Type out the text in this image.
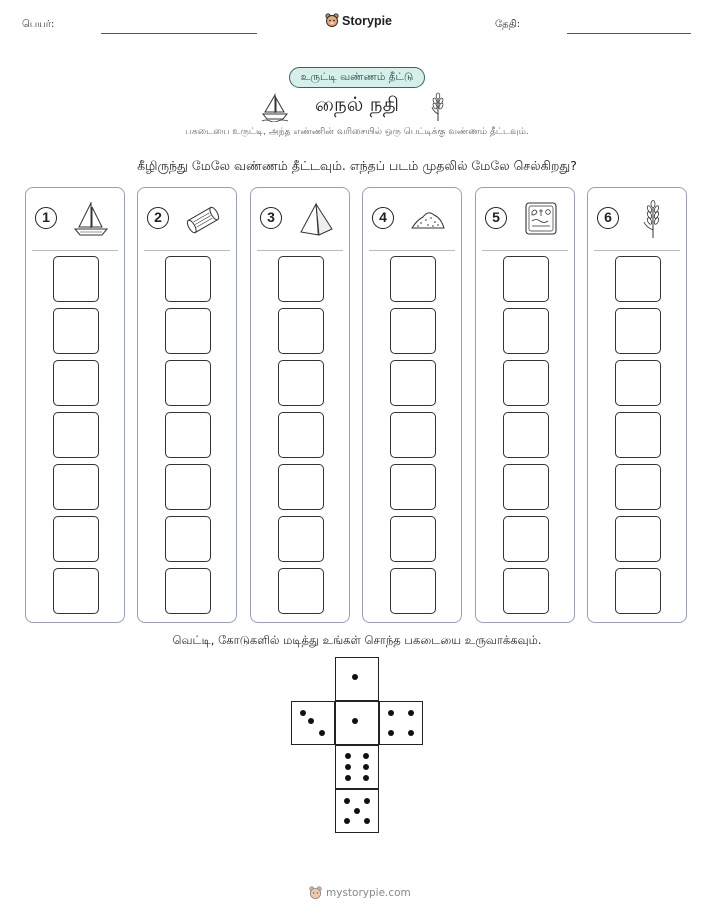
பெயர்:	Storypie	தேதி:
உருட்டி வண்ணம் தீட்டு
நைல் நதி
பகடையை உருட்டி, அந்த எண்ணின் வரிசையில் ஒரு பெட்டிக்கு வண்ணம் தீட்டவும்.
கீழிருந்து மேலே வண்ணம் தீட்டவும். எந்தப் படம் முதலில் மேலே செல்கிறது?
1	2	3	4	5	6
வெட்டி, கோடுகளில் மடித்து உங்கள் சொந்த பகடையை உருவாக்கவும்.
mystorypie.com
